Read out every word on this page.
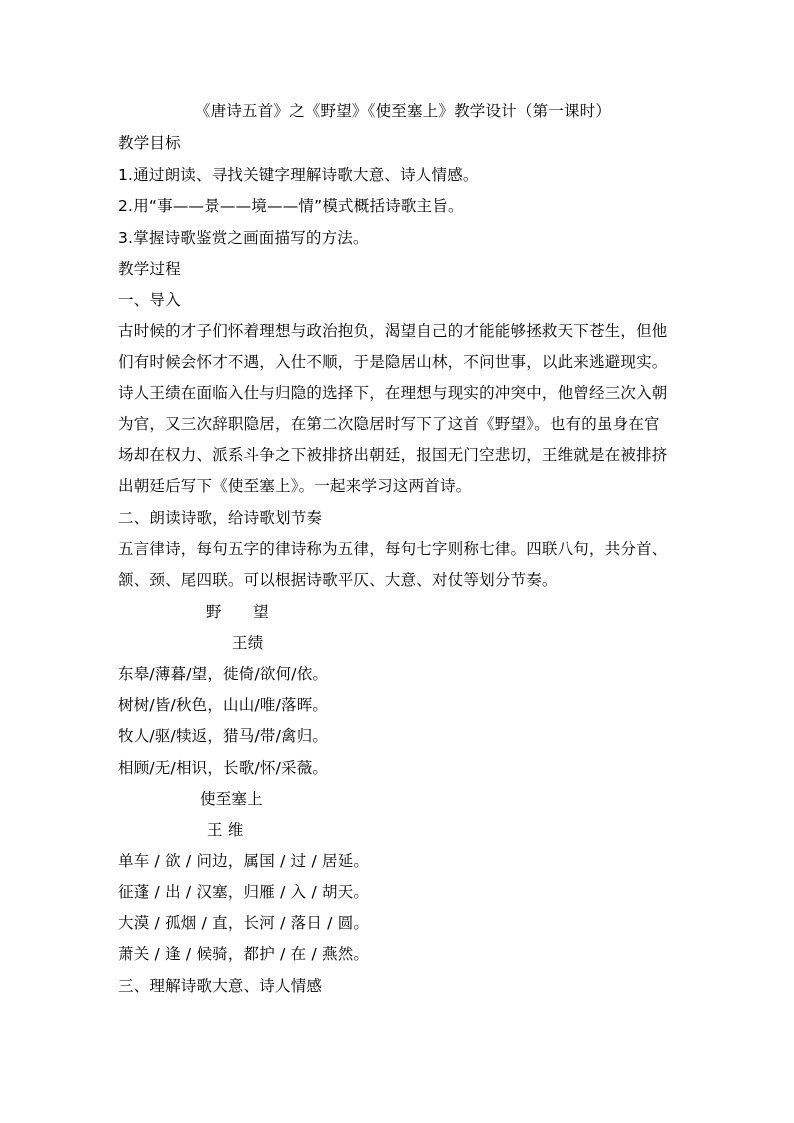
《唐诗五首》之《野望》《使至塞上》教学设计（第一课时）
教学目标
1.通过朗读、寻找关键字理解诗歌大意、诗人情感。
2.用“事——景——境——情”模式概括诗歌主旨。
3.掌握诗歌鉴赏之画面描写的方法。
教学过程
一、导入
古时候的才子们怀着理想与政治抱负，渴望自己的才能能够拯救天下苍生，但他
们有时候会怀才不遇，入仕不顺，于是隐居山林，不问世事，以此来逃避现实。
诗人王绩在面临入仕与归隐的选择下，在理想与现实的冲突中，他曾经三次入朝
为官，又三次辞职隐居，在第二次隐居时写下了这首《野望》。也有的虽身在官
场却在权力、派系斗争之下被排挤出朝廷，报国无门空悲切，王维就是在被排挤
出朝廷后写下《使至塞上》。一起来学习这两首诗。
二、朗读诗歌，给诗歌划节奏
五言律诗，每句五字的律诗称为五律，每句七字则称七律。四联八句，共分首、
颔、颈、尾四联。可以根据诗歌平仄、大意、对仗等划分节奏。
野　　望
王绩
东皋/薄暮/望，徙倚/欲何/依。
树树/皆/秋色，山山/唯/落晖。
牧人/驱/犊返，猎马/带/禽归。
相顾/无/相识，长歌/怀/采薇。
使至塞上
王 维
单车 / 欲 / 问边，属国 / 过 / 居延。
征蓬 / 出 / 汉塞，归雁 / 入 / 胡天。
大漠 / 孤烟 / 直，长河 / 落日 / 圆。
萧关 / 逢 / 候骑，都护 / 在 / 燕然。
三、理解诗歌大意、诗人情感
